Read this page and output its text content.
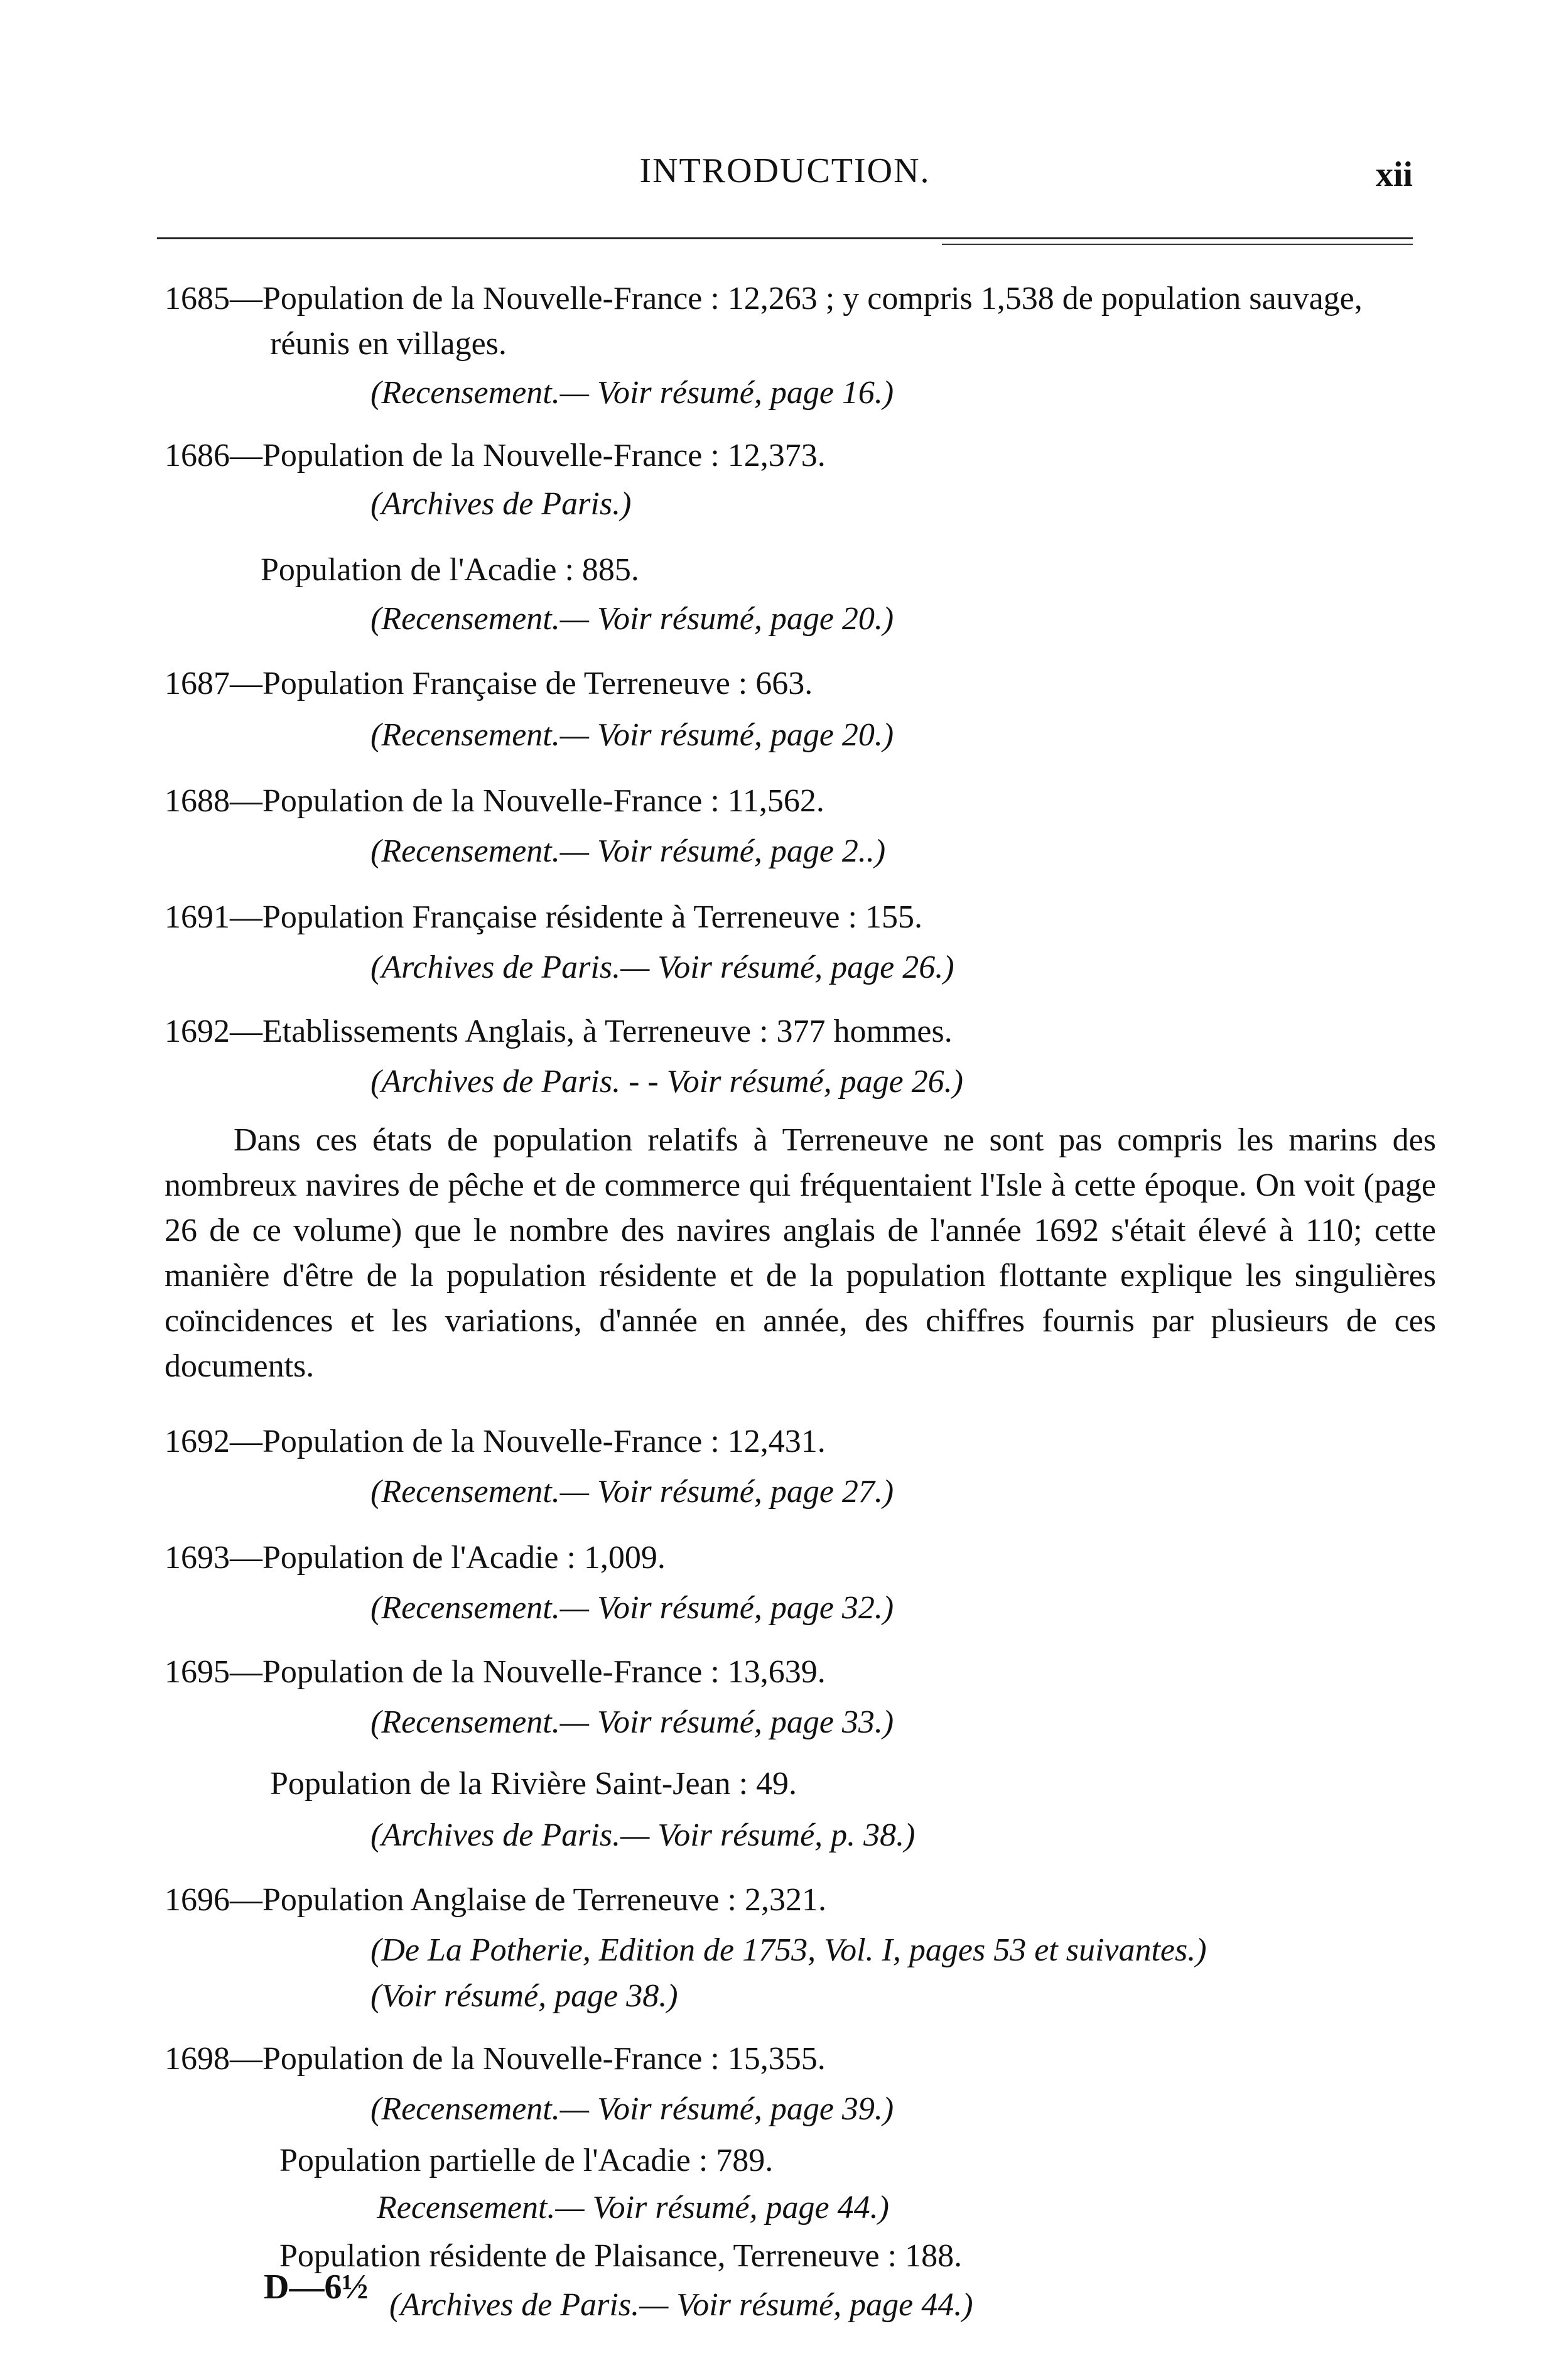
INTRODUCTION.	xii
1685—Population de la Nouvelle-France : 12,263 ; y compris 1,538 de population sauvage,
réunis en villages.
(Recensement.— Voir résumé, page 16.)
1686—Population de la Nouvelle-France : 12,373.
(Archives de Paris.)
Population de l'Acadie : 885.
(Recensement.— Voir résumé, page 20.)
1687—Population Française de Terreneuve : 663.
(Recensement.— Voir résumé, page 20.)
1688—Population de la Nouvelle-France : 11,562.
(Recensement.— Voir résumé, page 2..)
1691—Population Française résidente à Terreneuve : 155.
(Archives de Paris.— Voir résumé, page 26.)
1692—Etablissements Anglais, à Terreneuve : 377 hommes.
(Archives de Paris. - - Voir résumé, page 26.)

Dans ces états de population relatifs à Terreneuve ne sont pas compris les marins des nombreux navires de pêche et de commerce qui fréquentaient l'Isle à cette époque. On voit (page 26 de ce volume) que le nombre des navires anglais de l'année 1692 s'était élevé à 110; cette manière d'être de la population résidente et de la population flottante explique les singulières coïncidences et les variations, d'année en année, des chiffres fournis par plusieurs de ces documents.

1692—Population de la Nouvelle-France : 12,431.
(Recensement.— Voir résumé, page 27.)
1693—Population de l'Acadie : 1,009.
(Recensement.— Voir résumé, page 32.)
1695—Population de la Nouvelle-France : 13,639.
(Recensement.— Voir résumé, page 33.)
Population de la Rivière Saint-Jean : 49.
(Archives de Paris.— Voir résumé, p. 38.)
1696—Population Anglaise de Terreneuve : 2,321.
(De La Potherie, Edition de 1753, Vol. I, pages 53 et suivantes.)
(Voir résumé, page 38.)
1698—Population de la Nouvelle-France : 15,355.
(Recensement.— Voir résumé, page 39.)
Population partielle de l'Acadie : 789.
Recensement.— Voir résumé, page 44.)
Population résidente de Plaisance, Terreneuve : 188.
(Archives de Paris.— Voir résumé, page 44.)
D—6½
